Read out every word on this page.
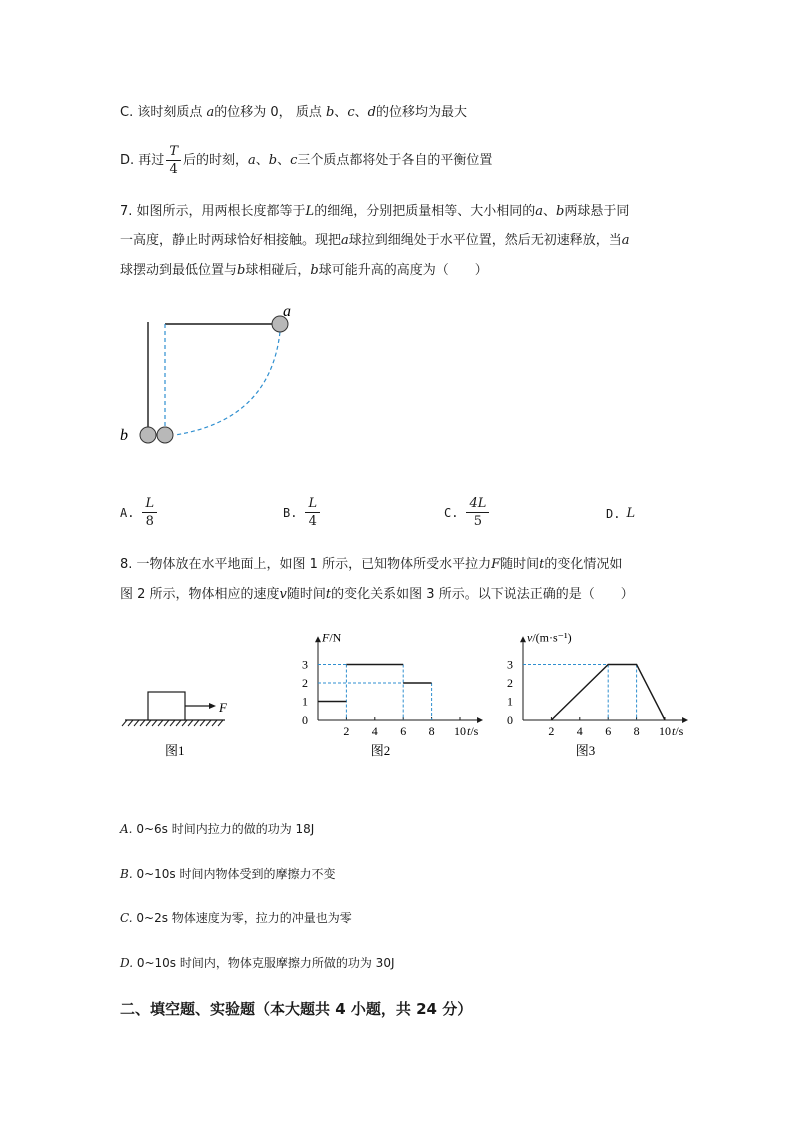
C. 该时刻质点 a的位移为 0， 质点 b、c、d的位移均为最大
D.
再过 $\frac{T}{4}$ 后的时刻， a 、 b 、 c 三个质点都将处于各自的平衡位置
7. 如图所示，用两根长度都等于L的细绳，分别把质量相等、大小相同的a、b两球悬于同
一高度，静止时两球恰好相接触。现把a球拉到细绳处于水平位置，然后无初速释放，当a
球摆动到最低位置与b球相碰后，b球可能升高的高度为（　　）
a
b
A. $\frac{L}{8}$	B. $\frac{L}{4}$	C. $\frac{4L}{5}$	D. L
8. 一物体放在水平地面上，如图 1 所示，已知物体所受水平拉力F随时间t的变化情况如
图 2 所示，物体相应的速度v随时间t的变化关系如图 3 所示。以下说法正确的是（　　）
F
图1
0
1
2
3
2 4 6 8 10 t/s
F/N
图2
0
1
2
3
2 4 6 8 10 t/s
v/(m·s⁻¹)
图3
A. 0~6s 时间内拉力的做的功为 18J
B. 0~10s 时间内物体受到的摩擦力不变
C. 0~2s 物体速度为零，拉力的冲量也为零
D. 0~10s 时间内，物体克服摩擦力所做的功为 30J
二、填空题、实验题（本大题共 4 小题，共 24 分）
